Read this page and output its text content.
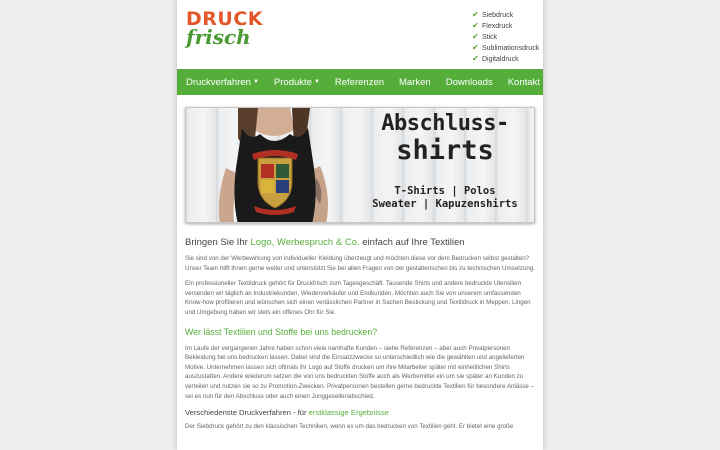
DRUCK
frisch
✔ Siebdruck
✔ Flexdruck
✔ Stick
✔ Sublimationsdruck
✔ Digitaldruck
Druckverfahren ▼ Produkte ▼ Referenzen Marken Downloads Kontakt
Abschluss-
shirts
T-Shirts | Polos
Sweater | Kapuzenshirts
Bringen Sie Ihr Logo, Werbespruch & Co. einfach auf Ihre Textilien

Sie sind von der Werbewirkung von individueller Kleidung überzeugt und möchten diese vor dem Bedrucken selbst gestalten? Unser Team hilft Ihnen gerne weiter und unterstützt Sie bei allen Fragen von der gestalterischen bis zu technischen Umsetzung.

Ein professioneller Textildruck gehört für Druckfrisch zum Tagesgeschäft. Tausende Shirts und andere bedruckte Utensilien versenden wir täglich an Industriekunden, Wiederverkäufer und Endkunden. Möchten auch Sie von unserem umfassenden Know-how profitieren und wünschen sich einen verlässlichen Partner in Sachen Bestickung und Textildruck in Meppen, Lingen und Umgebung haben wir stets ein offenes Ohr für Sie.

Wer lässt Textilien und Stoffe bei uns bedrucken?

Im Laufe der vergangenen Jahre haben schon viele namhafte Kunden – siehe Referenzen – aber auch Privatpersonen Bekleidung bei uns bedrucken lassen. Dabei sind die Einsatzzwecke so unterschiedlich wie die gewählten und angelieferten Motive. Unternehmen lassen sich oftmals ihr Logo auf Stoffe drucken um ihre Mitarbeiter später mit einheitlichen Shirts auszustatten. Andere wiederum setzen die von uns bedruckten Stoffe auch als Werbemittel ein um sie später an Kunden zu verteilen und nutzen sie so zu Promotion-Zwecken. Privatpersonen bestellen gerne bedruckte Textilien für besondere Anlässe – sei es nun für den Abschluss oder auch einen Junggesellenabschied.

Verschiedenste Druckverfahren - für erstklassige Ergebnisse

Der Siebdruck gehört zu den klassischen Techniken, wenn es um das bedrucken von Textilien geht. Er bietet eine große
